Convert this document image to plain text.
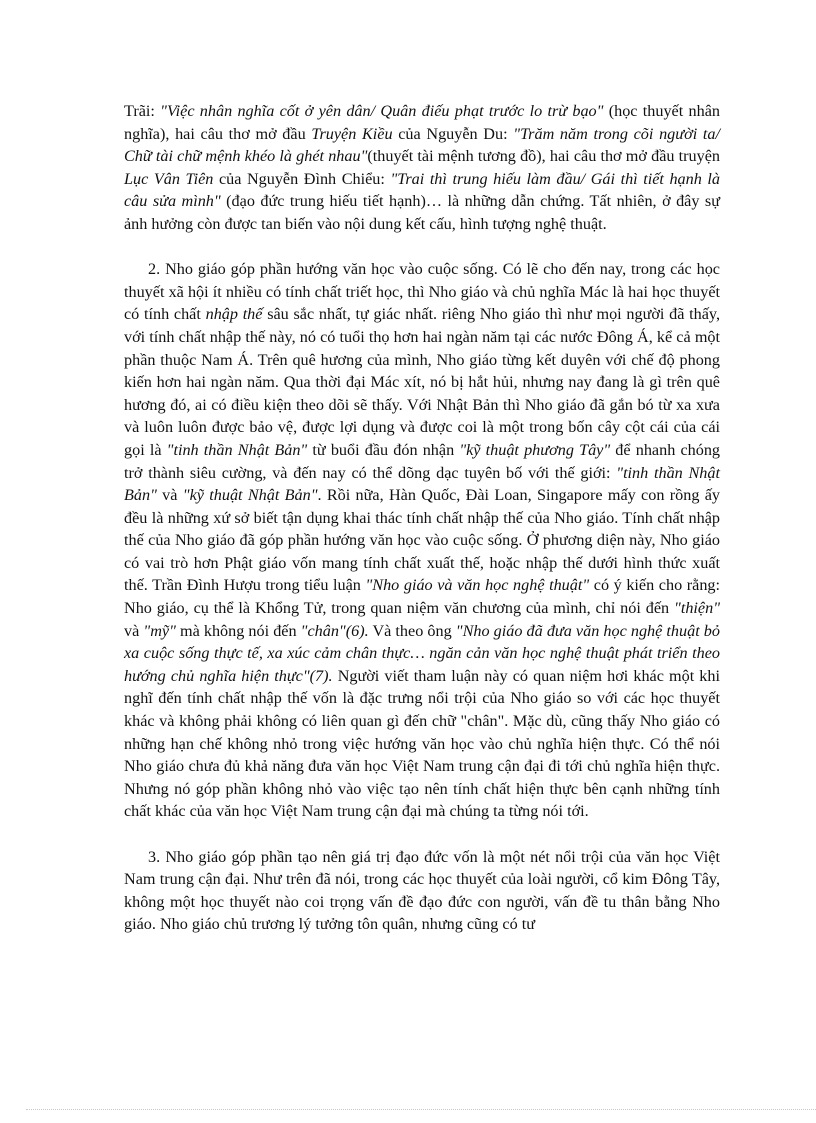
Trãi: "Việc nhân nghĩa cốt ở yên dân/ Quân điếu phạt trước lo trừ bạo" (học thuyết nhân nghĩa), hai câu thơ mở đầu Truyện Kiều của Nguyễn Du: "Trăm năm trong cõi người ta/ Chữ tài chữ mệnh khéo là ghét nhau"(thuyết tài mệnh tương đồ), hai câu thơ mở đầu truyện Lục Vân Tiên của Nguyễn Đình Chiểu: "Trai thì trung hiếu làm đầu/ Gái thì tiết hạnh là câu sửa mình" (đạo đức trung hiếu tiết hạnh)… là những dẫn chứng. Tất nhiên, ở đây sự ảnh hưởng còn được tan biến vào nội dung kết cấu, hình tượng nghệ thuật.

2. Nho giáo góp phần hướng văn học vào cuộc sống. Có lẽ cho đến nay, trong các học thuyết xã hội ít nhiều có tính chất triết học, thì Nho giáo và chủ nghĩa Mác là hai học thuyết có tính chất nhập thế sâu sắc nhất, tự giác nhất. riêng Nho giáo thì như mọi người đã thấy, với tính chất nhập thế này, nó có tuổi thọ hơn hai ngàn năm tại các nước Đông Á, kể cả một phần thuộc Nam Á. Trên quê hương của mình, Nho giáo từng kết duyên với chế độ phong kiến hơn hai ngàn năm. Qua thời đại Mác xít, nó bị hắt hủi, nhưng nay đang là gì trên quê hương đó, ai có điều kiện theo dõi sẽ thấy. Với Nhật Bản thì Nho giáo đã gắn bó từ xa xưa và luôn luôn được bảo vệ, được lợi dụng và được coi là một trong bốn cây cột cái của cái gọi là "tinh thần Nhật Bản" từ buổi đầu đón nhận "kỹ thuật phương Tây" để nhanh chóng trở thành siêu cường, và đến nay có thể dõng dạc tuyên bố với thế giới: "tinh thần Nhật Bản" và "kỹ thuật Nhật Bản". Rồi nữa, Hàn Quốc, Đài Loan, Singapore mấy con rồng ấy đều là những xứ sở biết tận dụng khai thác tính chất nhập thế của Nho giáo. Tính chất nhập thế của Nho giáo đã góp phần hướng văn học vào cuộc sống. Ở phương diện này, Nho giáo có vai trò hơn Phật giáo vốn mang tính chất xuất thế, hoặc nhập thế dưới hình thức xuất thế. Trần Đình Hượu trong tiểu luận "Nho giáo và văn học nghệ thuật" có ý kiến cho rằng: Nho giáo, cụ thể là Khổng Tử, trong quan niệm văn chương của mình, chỉ nói đến "thiện" và "mỹ" mà không nói đến "chân"(6). Và theo ông "Nho giáo đã đưa văn học nghệ thuật bỏ xa cuộc sống thực tế, xa xúc cảm chân thực… ngăn cản văn học nghệ thuật phát triển theo hướng chủ nghĩa hiện thực"(7). Người viết tham luận này có quan niệm hơi khác một khi nghĩ đến tính chất nhập thế vốn là đặc trưng nổi trội của Nho giáo so với các học thuyết khác và không phải không có liên quan gì đến chữ "chân". Mặc dù, cũng thấy Nho giáo có những hạn chế không nhỏ trong việc hướng văn học vào chủ nghĩa hiện thực. Có thể nói Nho giáo chưa đủ khả năng đưa văn học Việt Nam trung cận đại đi tới chủ nghĩa hiện thực. Nhưng nó góp phần không nhỏ vào việc tạo nên tính chất hiện thực bên cạnh những tính chất khác của văn học Việt Nam trung cận đại mà chúng ta từng nói tới.

3. Nho giáo góp phần tạo nên giá trị đạo đức vốn là một nét nổi trội của văn học Việt Nam trung cận đại. Như trên đã nói, trong các học thuyết của loài người, cổ kim Đông Tây, không một học thuyết nào coi trọng vấn đề đạo đức con người, vấn đề tu thân bằng Nho giáo. Nho giáo chủ trương lý tưởng tôn quân, nhưng cũng có tư
